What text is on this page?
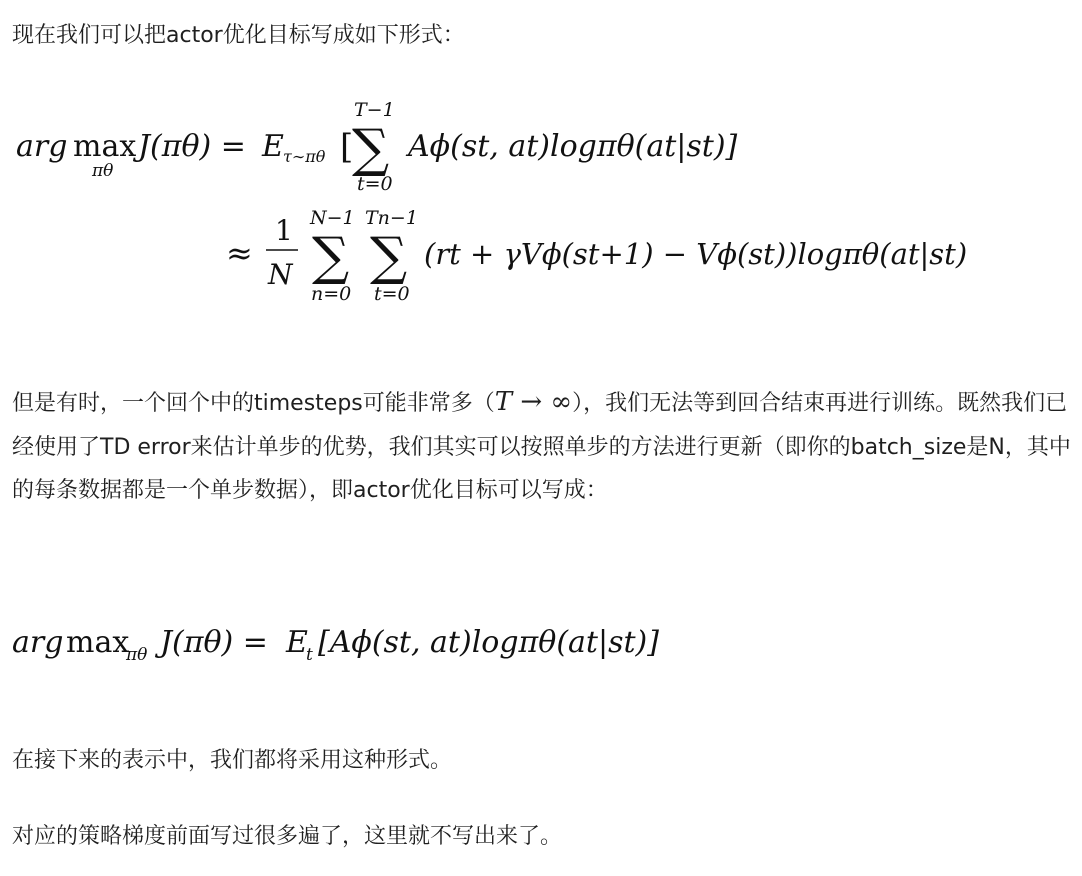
现在我们可以把actor优化目标写成如下形式：

arg max
πθ
J(πθ) = E τ∼πθ [
∑
T−1
t=0
Aϕ(st, at)logπθ(at|st)]
≈
1
N ∑
N−1
n=0
∑
Tn−1
t=0
(rt + γVϕ(st+1) − Vϕ(st))logπθ(at|st)

但是有时，一个回个中的timesteps可能非常多（T → ∞），我们无法等到回合结束再进行训练。既然我们已经使用了TD error来估计单步的优势，我们其实可以按照单步的方法进行更新（即你的batch_size是N，其中的每条数据都是一个单步数据），即actor优化目标可以写成：

arg max
πθ J(πθ) = E
t [Aϕ(st, at)logπθ(at|st)]

在接下来的表示中，我们都将采用这种形式。

对应的策略梯度前面写过很多遍了，这里就不写出来了。
